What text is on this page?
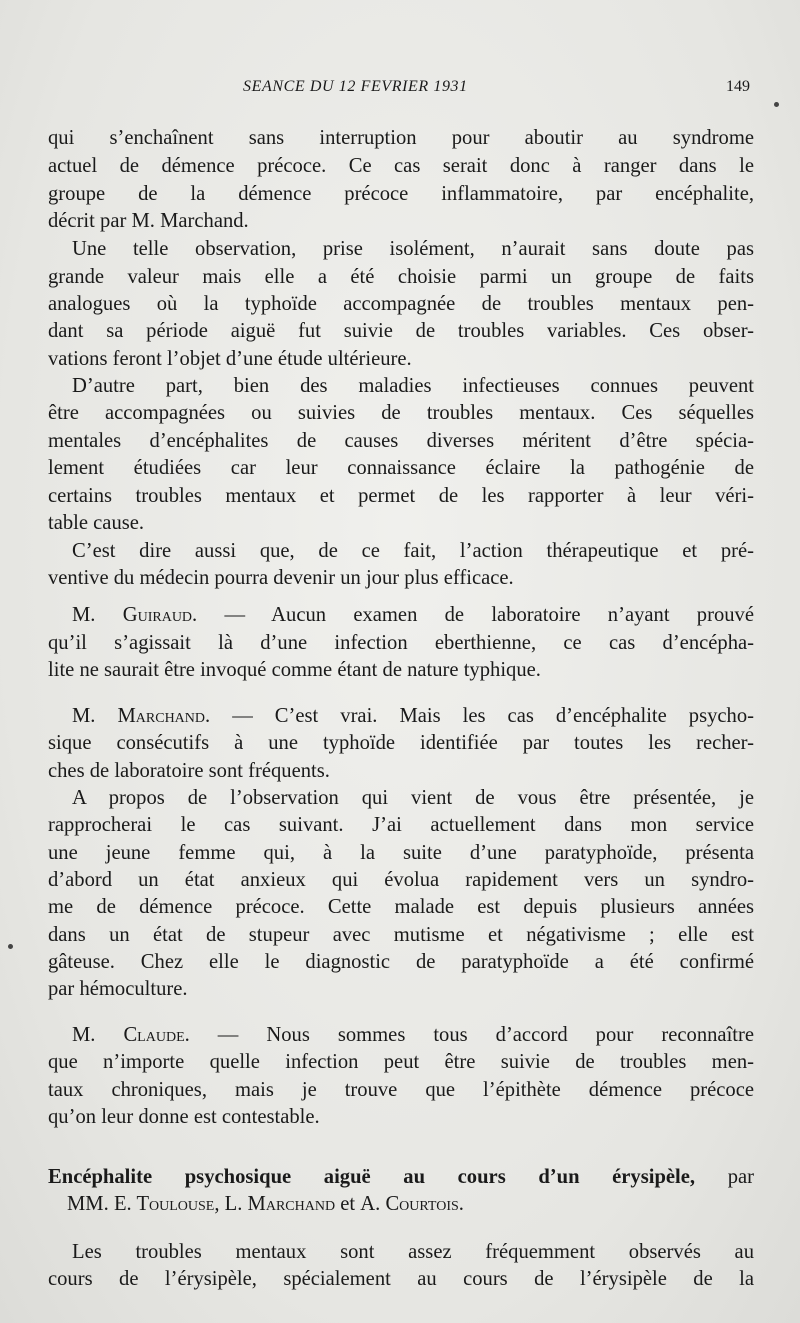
SEANCE DU 12 FEVRIER 1931	149
qui s’enchaînent sans interruption pour aboutir au syndrome
actuel de démence précoce. Ce cas serait donc à ranger dans le
groupe de la démence précoce inflammatoire, par encéphalite,
décrit par M. Marchand.
Une telle observation, prise isolément, n’aurait sans doute pas
grande valeur mais elle a été choisie parmi un groupe de faits
analogues où la typhoïde accompagnée de troubles mentaux pen-
dant sa période aiguë fut suivie de troubles variables. Ces obser-
vations feront l’objet d’une étude ultérieure.
D’autre part, bien des maladies infectieuses connues peuvent
être accompagnées ou suivies de troubles mentaux. Ces séquelles
mentales d’encéphalites de causes diverses méritent d’être spécia-
lement étudiées car leur connaissance éclaire la pathogénie de
certains troubles mentaux et permet de les rapporter à leur véri-
table cause.
C’est dire aussi que, de ce fait, l’action thérapeutique et pré-
ventive du médecin pourra devenir un jour plus efficace.
M. Guiraud. — Aucun examen de laboratoire n’ayant prouvé
qu’il s’agissait là d’une infection eberthienne, ce cas d’encépha-
lite ne saurait être invoqué comme étant de nature typhique.
M. Marchand. — C’est vrai. Mais les cas d’encéphalite psycho-
sique consécutifs à une typhoïde identifiée par toutes les recher-
ches de laboratoire sont fréquents.
A propos de l’observation qui vient de vous être présentée, je
rapprocherai le cas suivant. J’ai actuellement dans mon service
une jeune femme qui, à la suite d’une paratyphoïde, présenta
d’abord un état anxieux qui évolua rapidement vers un syndro-
me de démence précoce. Cette malade est depuis plusieurs années
dans un état de stupeur avec mutisme et négativisme ; elle est
gâteuse. Chez elle le diagnostic de paratyphoïde a été confirmé
par hémoculture.
M. Claude. — Nous sommes tous d’accord pour reconnaître
que n’importe quelle infection peut être suivie de troubles men-
taux chroniques, mais je trouve que l’épithète démence précoce
qu’on leur donne est contestable.
Encéphalite psychosique aiguë au cours d’un érysipèle, par
MM. E. Toulouse, L. Marchand et A. Courtois.
Les troubles mentaux sont assez fréquemment observés au
cours de l’érysipèle, spécialement au cours de l’érysipèle de la
